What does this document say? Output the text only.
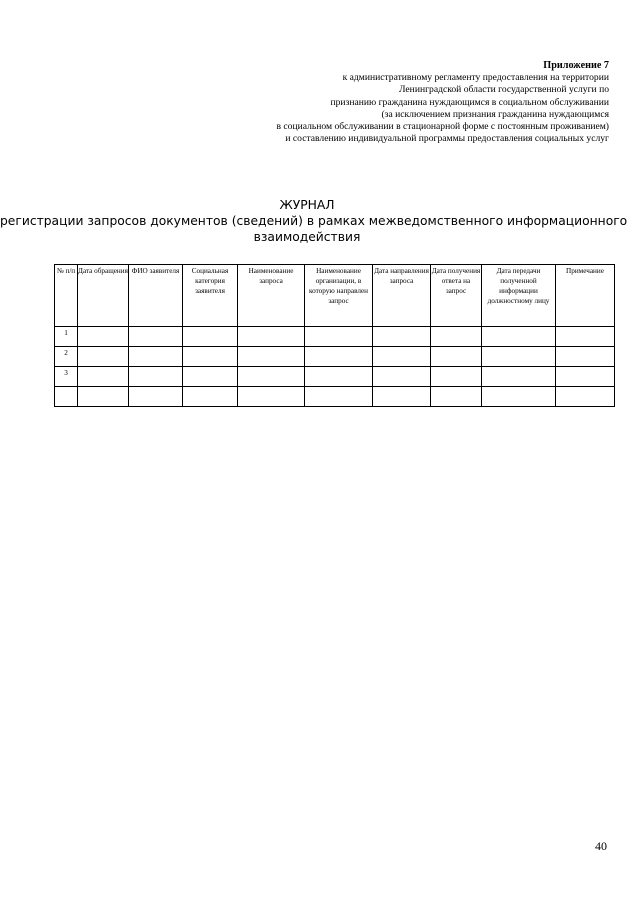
Приложение 7
к административному регламенту предоставления на территории
Ленинградской области государственной услуги по
признанию гражданина нуждающимся в социальном обслуживании
(за исключением признания гражданина нуждающимся
в социальном обслуживании в стационарной форме с постоянным проживанием)
и составлению индивидуальной программы предоставления социальных услуг
ЖУРНАЛ
регистрации запросов документов (сведений) в рамках межведомственного информационного
взаимодействия
№ п/п	Дата обращения	ФИО заявителя	Социальная категория заявителя	Наименование запроса	Наименование организации, в которую направлен запрос	Дата направления запроса	Дата получения ответа на запрос	Дата передачи полученной информации должностному лицу	Примечание
1									
2									
3									

40
